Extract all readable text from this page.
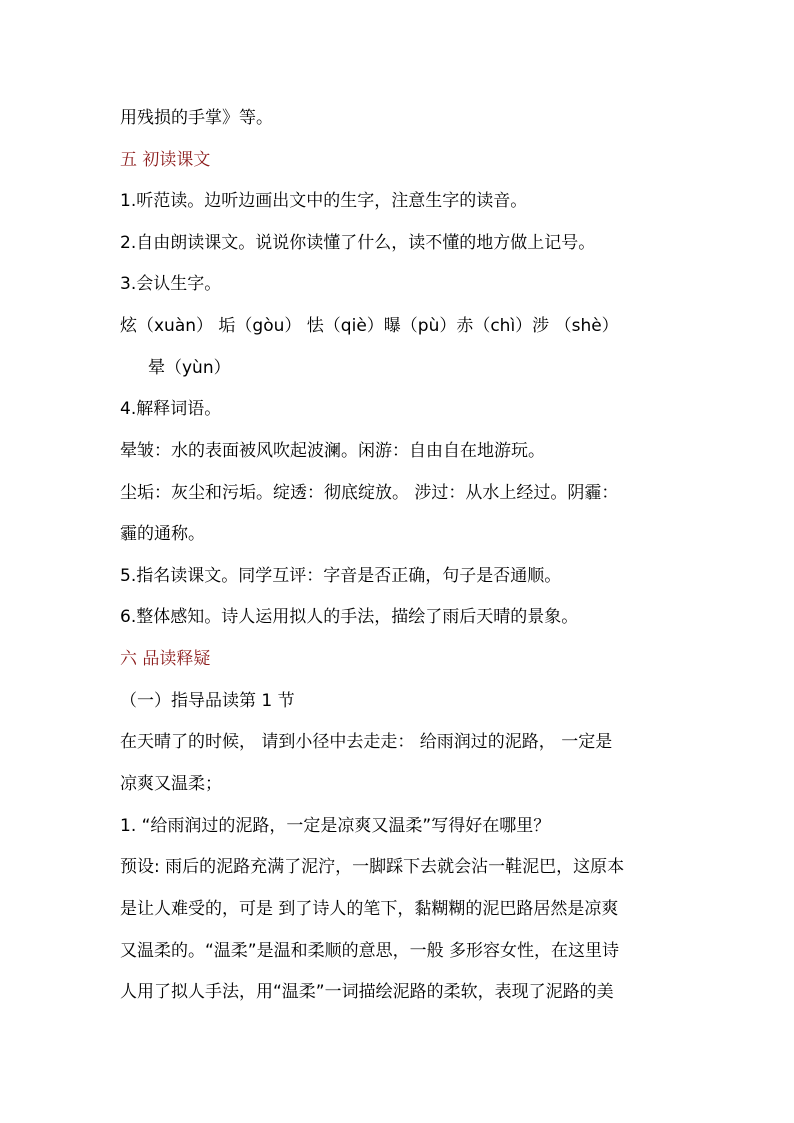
用残损的手掌》等。
五 初读课文
1.听范读。边听边画出文中的生字，注意生字的读音。
2.自由朗读课文。说说你读懂了什么，读不懂的地方做上记号。
3.会认生字。
炫（xuàn） 垢（gòu） 怯（qiè）曝（pù）赤（chì）涉 （shè）
晕（yùn）
4.解释词语。
晕皱：水的表面被风吹起波澜。闲游：自由自在地游玩。
尘垢：灰尘和污垢。绽透：彻底绽放。 涉过：从水上经过。阴霾：
霾的通称。
5.指名读课文。同学互评：字音是否正确，句子是否通顺。
6.整体感知。诗人运用拟人的手法，描绘了雨后天晴的景象。
六 品读释疑
（一）指导品读第 1 节
在天晴了的时候， 请到小径中去走走： 给雨润过的泥路， 一定是
凉爽又温柔；
1. “给雨润过的泥路，一定是凉爽又温柔”写得好在哪里？
预设: 雨后的泥路充满了泥泞，一脚踩下去就会沾一鞋泥巴，这原本
是让人难受的，可是 到了诗人的笔下，黏糊糊的泥巴路居然是凉爽
又温柔的。“温柔”是温和柔顺的意思，一般 多形容女性，在这里诗
人用了拟人手法，用“温柔”一词描绘泥路的柔软，表现了泥路的美
